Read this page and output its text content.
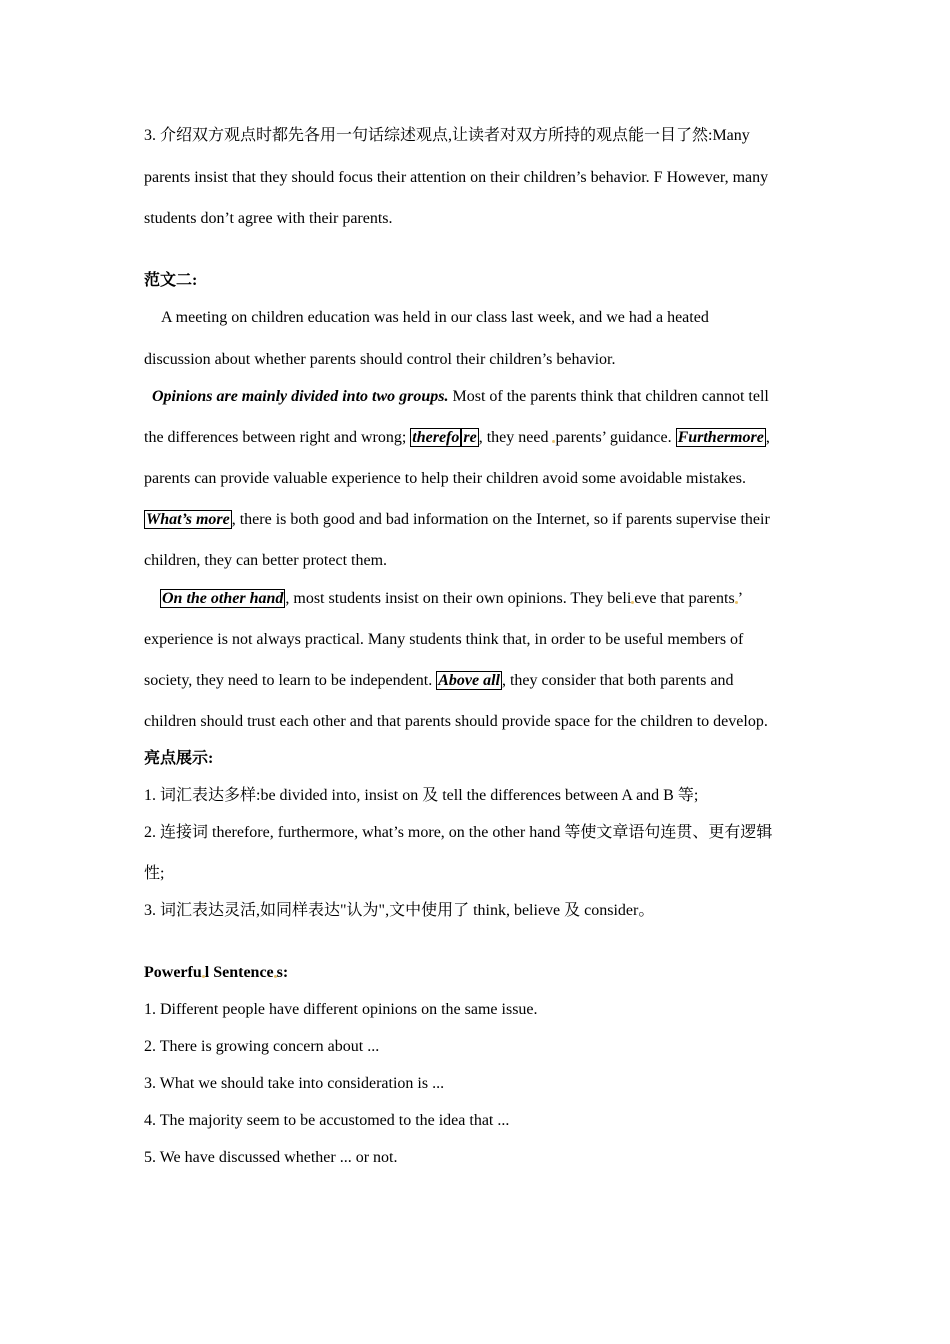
3. 介绍双方观点时都先各用一句话综述观点,让读者对双方所持的观点能一目了然:Many
parents insist that they should focus their attention on their children’s behavior. F However, many
students don’t agree with their parents.
范文二:
A meeting on children education was held in our class last week, and we had a heated
discussion about whether parents should control their children’s behavior.
Opinions are mainly divided into two groups. Most of the parents think that children cannot tell
the differences between right and wrong; therefo re , they need parents’ guidance. Furthermore ,
parents can provide valuable experience to help their children avoid some avoidable mistakes.
What’s more , there is both good and bad information on the Internet, so if parents supervise their
children, they can better protect them.
On the other hand , most students insist on their own opinions. They beli eve that parents ’
experience is not always practical. Many students think that, in order to be useful members of
society, they need to learn to be independent. Above all , they consider that both parents and
children should trust each other and that parents should provide space for the children to develop.
亮点展示:
1. 词汇表达多样:be divided into, insist on 及 tell the differences between A and B 等;
2. 连接词 therefore, furthermore, what’s more, on the other hand 等使文章语句连贯、更有逻辑
性;
3. 词汇表达灵活,如同样表达"认为",文中使用了 think, believe 及 consider。
Powerfu l Sentence s:
1. Different people have different opinions on the same issue.
2. There is growing concern about ...
3. What we should take into consideration is ...
4. The majority seem to be accustomed to the idea that ...
5. We have discussed whether ... or not.
